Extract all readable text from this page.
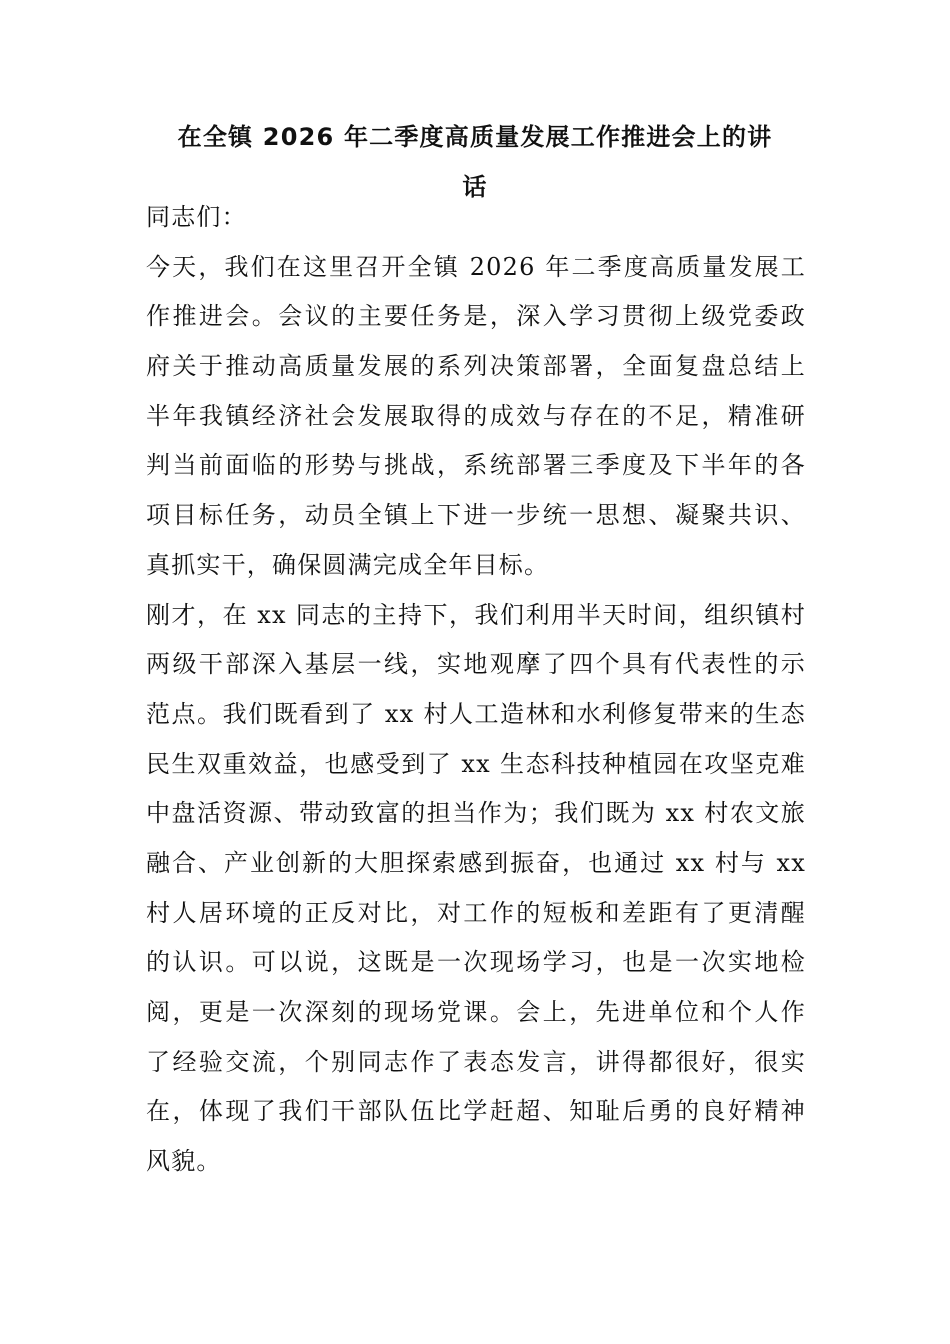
在全镇 2026 年二季度高质量发展工作推进会上的讲
话
同志们：
今天，我们在这里召开全镇 2026 年二季度高质量发展工
作推进会。会议的主要任务是，深入学习贯彻上级党委政
府关于推动高质量发展的系列决策部署，全面复盘总结上
半年我镇经济社会发展取得的成效与存在的不足，精准研
判当前面临的形势与挑战，系统部署三季度及下半年的各
项目标任务，动员全镇上下进一步统一思想、凝聚共识、
真抓实干，确保圆满完成全年目标。
刚才，在 xx 同志的主持下，我们利用半天时间，组织镇村
两级干部深入基层一线，实地观摩了四个具有代表性的示
范点。我们既看到了 xx 村人工造林和水利修复带来的生态
民生双重效益，也感受到了 xx 生态科技种植园在攻坚克难
中盘活资源、带动致富的担当作为；我们既为 xx 村农文旅
融合、产业创新的大胆探索感到振奋，也通过 xx 村与 xx
村人居环境的正反对比，对工作的短板和差距有了更清醒
的认识。可以说，这既是一次现场学习，也是一次实地检
阅，更是一次深刻的现场党课。会上，先进单位和个人作
了经验交流，个别同志作了表态发言，讲得都很好，很实
在，体现了我们干部队伍比学赶超、知耻后勇的良好精神
风貌。
